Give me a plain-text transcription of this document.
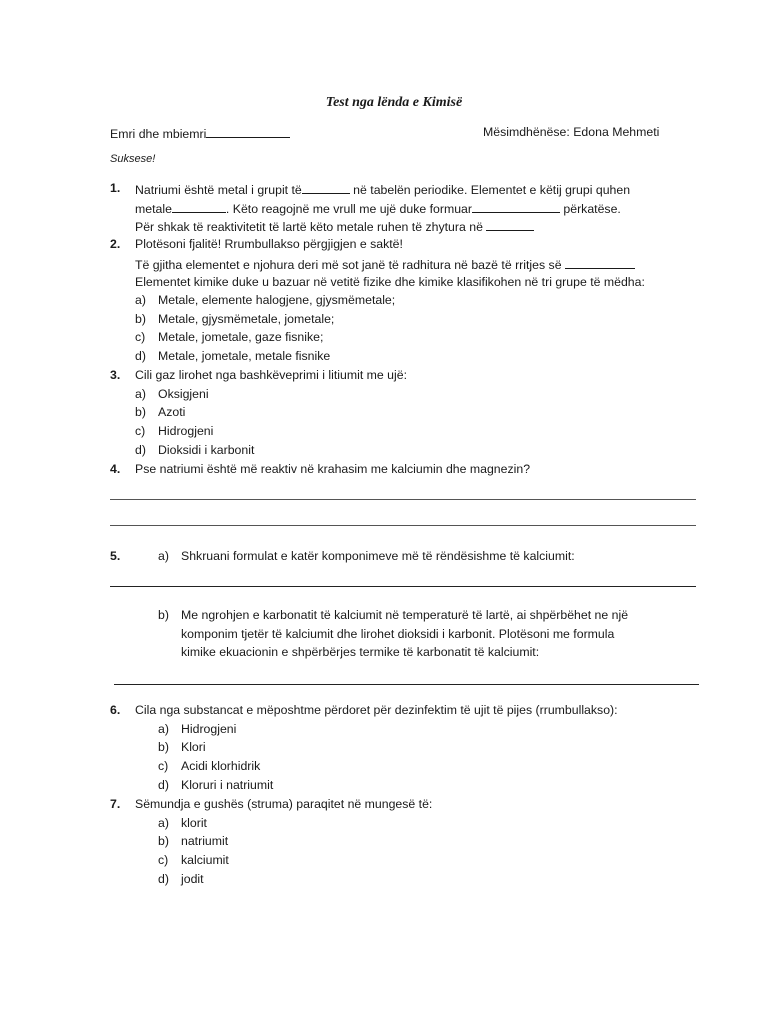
Test nga lënda e Kimisë
Emri dhe mbiemri	Mësimdhënëse: Edona Mehmeti
Suksese!
1. Natriumi është metal i grupit të	në tabelën periodike. Elementet e këtij grupi quhen
metale	. Këto reagojnë me vrull me ujë duke formuar	përkatëse.
Për shkak të reaktivitetit të lartë këto metale ruhen të zhytura në
2. Plotësoni fjalitë! Rrumbullakso përgjigjen e saktë!
Të gjitha elementet e njohura deri më sot janë të radhitura në bazë të rritjes së
Elementet kimike duke u bazuar në vetitë fizike dhe kimike klasifikohen në tri grupe të mëdha:
a) Metale, elemente halogjene, gjysmëmetale;
b) Metale, gjysmëmetale, jometale;
c) Metale, jometale, gaze fisnike;
d) Metale, jometale, metale fisnike
3. Cili gaz lirohet nga bashkëveprimi i litiumit me ujë:
a) Oksigjeni
b) Azoti
c) Hidrogjeni
d) Dioksidi i karbonit
4. Pse natriumi është më reaktiv në krahasim me kalciumin dhe magnezin?
5.	a) Shkruani formulat e katër komponimeve më të rëndësishme të kalciumit:
b) Me ngrohjen e karbonatit të kalciumit në temperaturë të lartë, ai shpërbëhet ne një
komponim tjetër të kalciumit dhe lirohet dioksidi i karbonit. Plotësoni me formula
kimike ekuacionin e shpërbërjes termike të karbonatit të kalciumit:
6. Cila nga substancat e mëposhtme përdoret për dezinfektim të ujit të pijes (rrumbullakso):
a) Hidrogjeni
b) Klori
c) Acidi klorhidrik
d) Kloruri i natriumit
7. Sëmundja e gushës (struma) paraqitet në mungesë të:
a) klorit
b) natriumit
c) kalciumit
d) jodit
